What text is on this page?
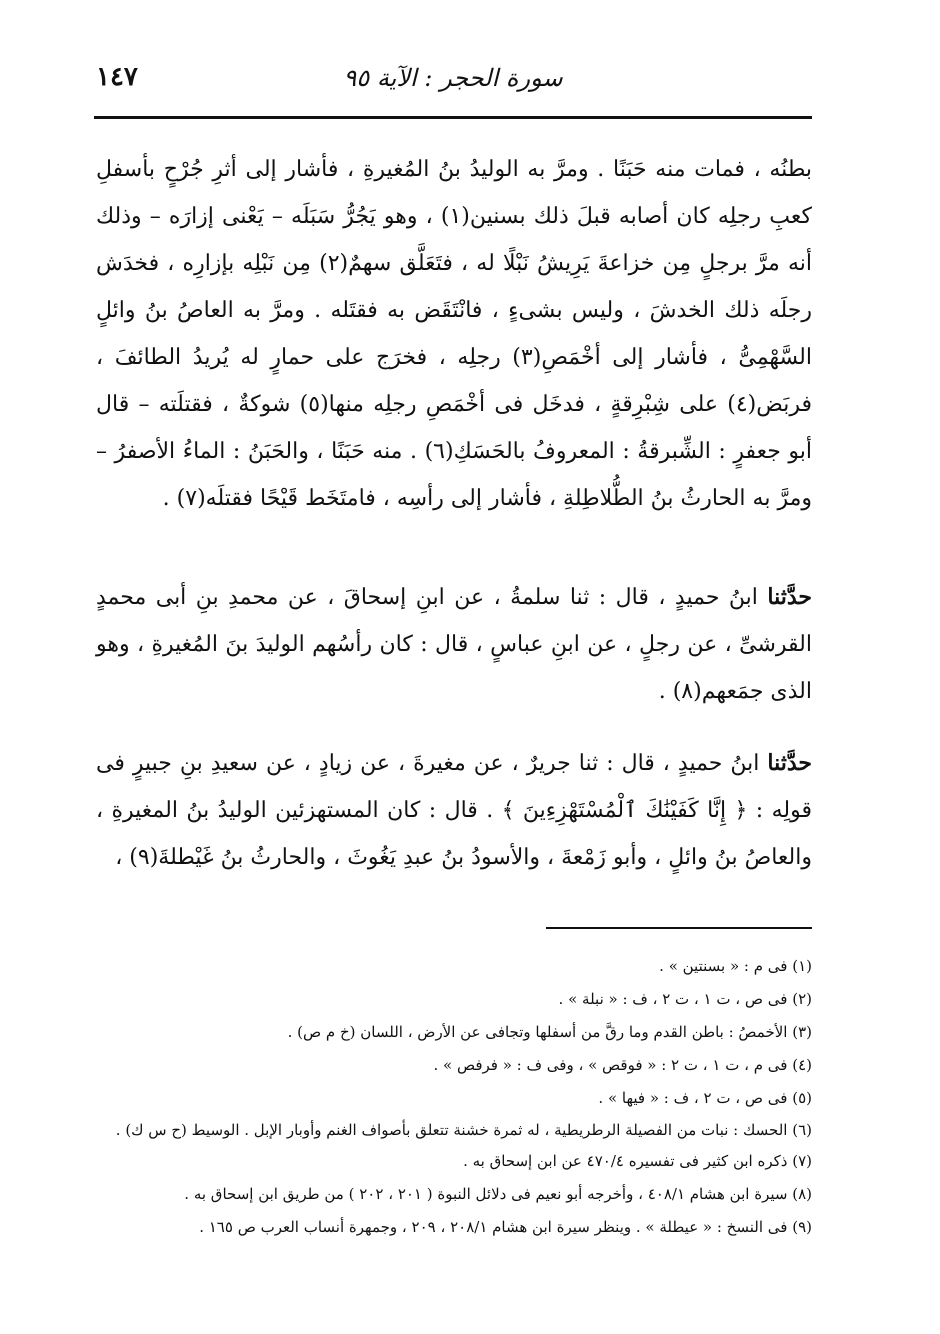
سورة الحجر : الآية ٩٥
١٤٧

بطنُه ، فمات منه حَبَنًا . ومرَّ به الوليدُ بنُ المُغيرةِ ، فأشار إلى أثرِ جُرْحٍ بأسفلِ كعبِ رجلِه كان أصابه قبلَ ذلك بسنين(١) ، وهو يَجُرُّ سَبَلَه – يَعْنى إزارَه – وذلك أنه مرَّ برجلٍ مِن خزاعةَ يَرِيشُ نَبْلًا له ، فتَعَلَّق سهمٌ(٢) مِن نَبْلِه بإزارِه ، فخدَش رجلَه ذلك الخدشَ ، وليس بشىءٍ ، فانْتَقَض به فقتَله . ومرَّ به العاصُ بنُ وائلٍ السَّهْمِىُّ ، فأشار إلى أخْمَصِ(٣) رجلِه ، فخرَج على حمارٍ له يُريدُ الطائفَ ، فربَض(٤) على شِبْرِقةٍ ، فدخَل فى أخْمَصِ رجلِه منها(٥) شوكةٌ ، فقتلَته – قال أبو جعفرٍ : الشِّبرقةُ : المعروفُ بالحَسَكِ(٦) . منه حَبَنًا ، والحَبَنُ : الماءُ الأصفرُ – ومرَّ به الحارثُ بنُ الطُّلاطِلةِ ، فأشار إلى رأسِه ، فامتَخَط قَيْحًا فقتلَه(٧) .

حدَّثنا ابنُ حميدٍ ، قال : ثنا سلمةُ ، عن ابنِ إسحاقَ ، عن محمدِ بنِ أبى محمدٍ القرشىِّ ، عن رجلٍ ، عن ابنِ عباسٍ ، قال : كان رأسُهم الوليدَ بنَ المُغيرةِ ، وهو الذى جمَعهم(٨) .

حدَّثنا ابنُ حميدٍ ، قال : ثنا جريرٌ ، عن مغيرةَ ، عن زيادٍ ، عن سعيدِ بنِ جبيرٍ فى قولِه : ﴿ إِنَّا كَفَيْنَٰكَ ٱلْمُسْتَهْزِءِينَ ﴾ . قال : كان المستهزئين الوليدُ بنُ المغيرةِ ، والعاصُ بنُ وائلٍ ، وأبو زَمْعةَ ، والأسودُ بنُ عبدِ يَغُوثَ ، والحارثُ بنُ غَيْطلةَ(٩) ،

(١) فى م : « بسنتين » .

(٢) فى ص ، ت ١ ، ت ٢ ، ف : « نبلة » .

(٣) الأخمصُ : باطن القدم وما رقَّ من أسفلها وتجافى عن الأرض ، اللسان (خ م ص) .

(٤) فى م ، ت ١ ، ت ٢ : « فوقص » ، وفى ف : « فرفص » .

(٥) فى ص ، ت ٢ ، ف : « فيها » .

(٦) الحسك : نبات من الفصيلة الرطريطية ، له ثمرة خشنة تتعلق بأصواف الغنم وأوبار الإبل . الوسيط (ح س ك) .

(٧) ذكره ابن كثير فى تفسيره ٤٧٠/٤ عن ابن إسحاق به .

(٨) سيرة ابن هشام ٤٠٨/١ ، وأخرجه أبو نعيم فى دلائل النبوة ( ٢٠١ ، ٢٠٢ ) من طريق ابن إسحاق به .

(٩) فى النسخ : « عيطلة » . وينظر سيرة ابن هشام ٢٠٨/١ ، ٢٠٩ ، وجمهرة أنساب العرب ص ١٦٥ .
